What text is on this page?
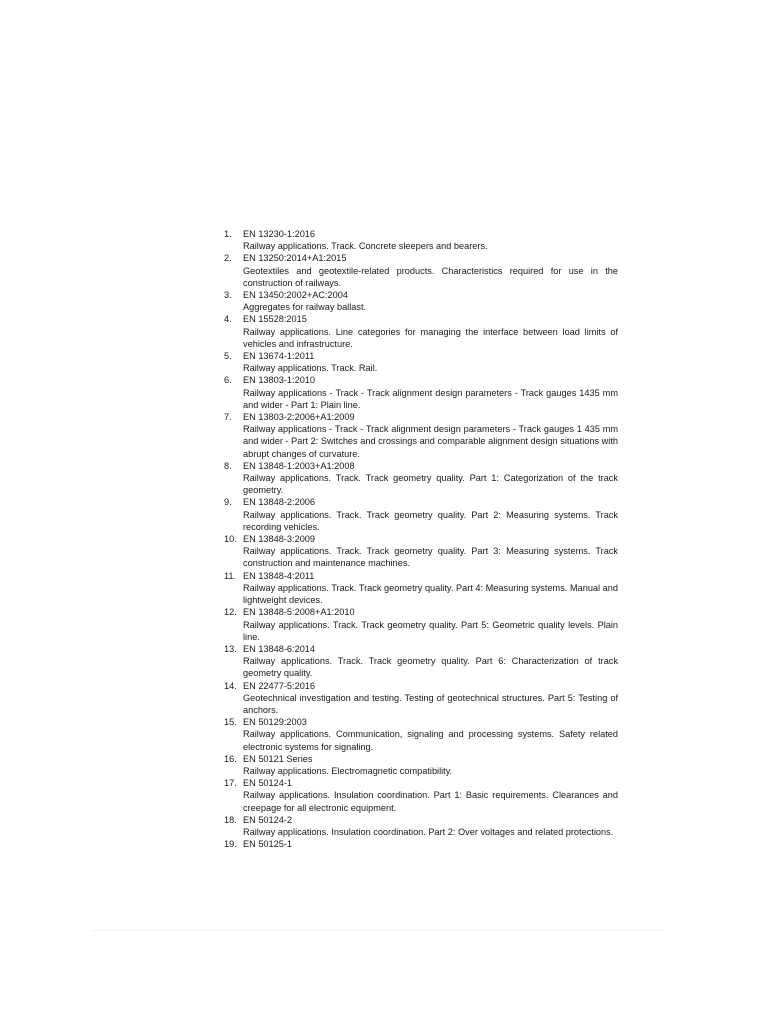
1.	EN 13230-1:2016
Railway applications. Track. Concrete sleepers and bearers.
2.	EN 13250:2014+A1:2015
Geotextiles and geotextile-related products. Characteristics required for use in the construction of railways.
3.	EN 13450:2002+AC:2004
Aggregates for railway ballast.
4.	EN 15528:2015
Railway applications. Line categories for managing the interface between load limits of vehicles and infrastructure.
5.	EN 13674-1:2011
Railway applications. Track. Rail.
6.	EN 13803-1:2010
Railway applications - Track - Track alignment design parameters - Track gauges 1435 mm and wider - Part 1: Plain line.
7.	EN 13803-2:2006+A1:2009
Railway applications - Track - Track alignment design parameters - Track gauges 1 435 mm and wider - Part 2: Switches and crossings and comparable alignment design situations with abrupt changes of curvature.
8.	EN 13848-1:2003+A1:2008
Railway applications. Track. Track geometry quality. Part 1: Categorization of the track geometry.
9.	EN 13848-2:2006
Railway applications. Track. Track geometry quality. Part 2: Measuring systems. Track recording vehicles.
10. EN 13848-3:2009
Railway applications. Track. Track geometry quality. Part 3: Measuring systems. Track construction and maintenance machines.
11. EN 13848-4:2011
Railway applications. Track. Track geometry quality. Part 4: Measuring systems. Manual and lightweight devices.
12. EN 13848-5:2008+A1:2010
Railway applications. Track. Track geometry quality. Part 5: Geometric quality levels. Plain line.
13. EN 13848-6:2014
Railway applications. Track. Track geometry quality. Part 6: Characterization of track geometry quality.
14. EN 22477-5:2016
Geotechnical investigation and testing. Testing of geotechnical structures. Part 5: Testing of anchors.
15. EN 50129:2003
Railway applications. Communication, signaling and processing systems. Safety related electronic systems for signaling.
16. EN 50121 Series
Railway applications. Electromagnetic compatibility.
17. EN 50124-1
Railway applications. Insulation coordination. Part 1: Basic requirements. Clearances and creepage for all electronic equipment.
18. EN 50124-2
Railway applications. Insulation coordination. Part 2: Over voltages and related protections.
19. EN 50125-1
